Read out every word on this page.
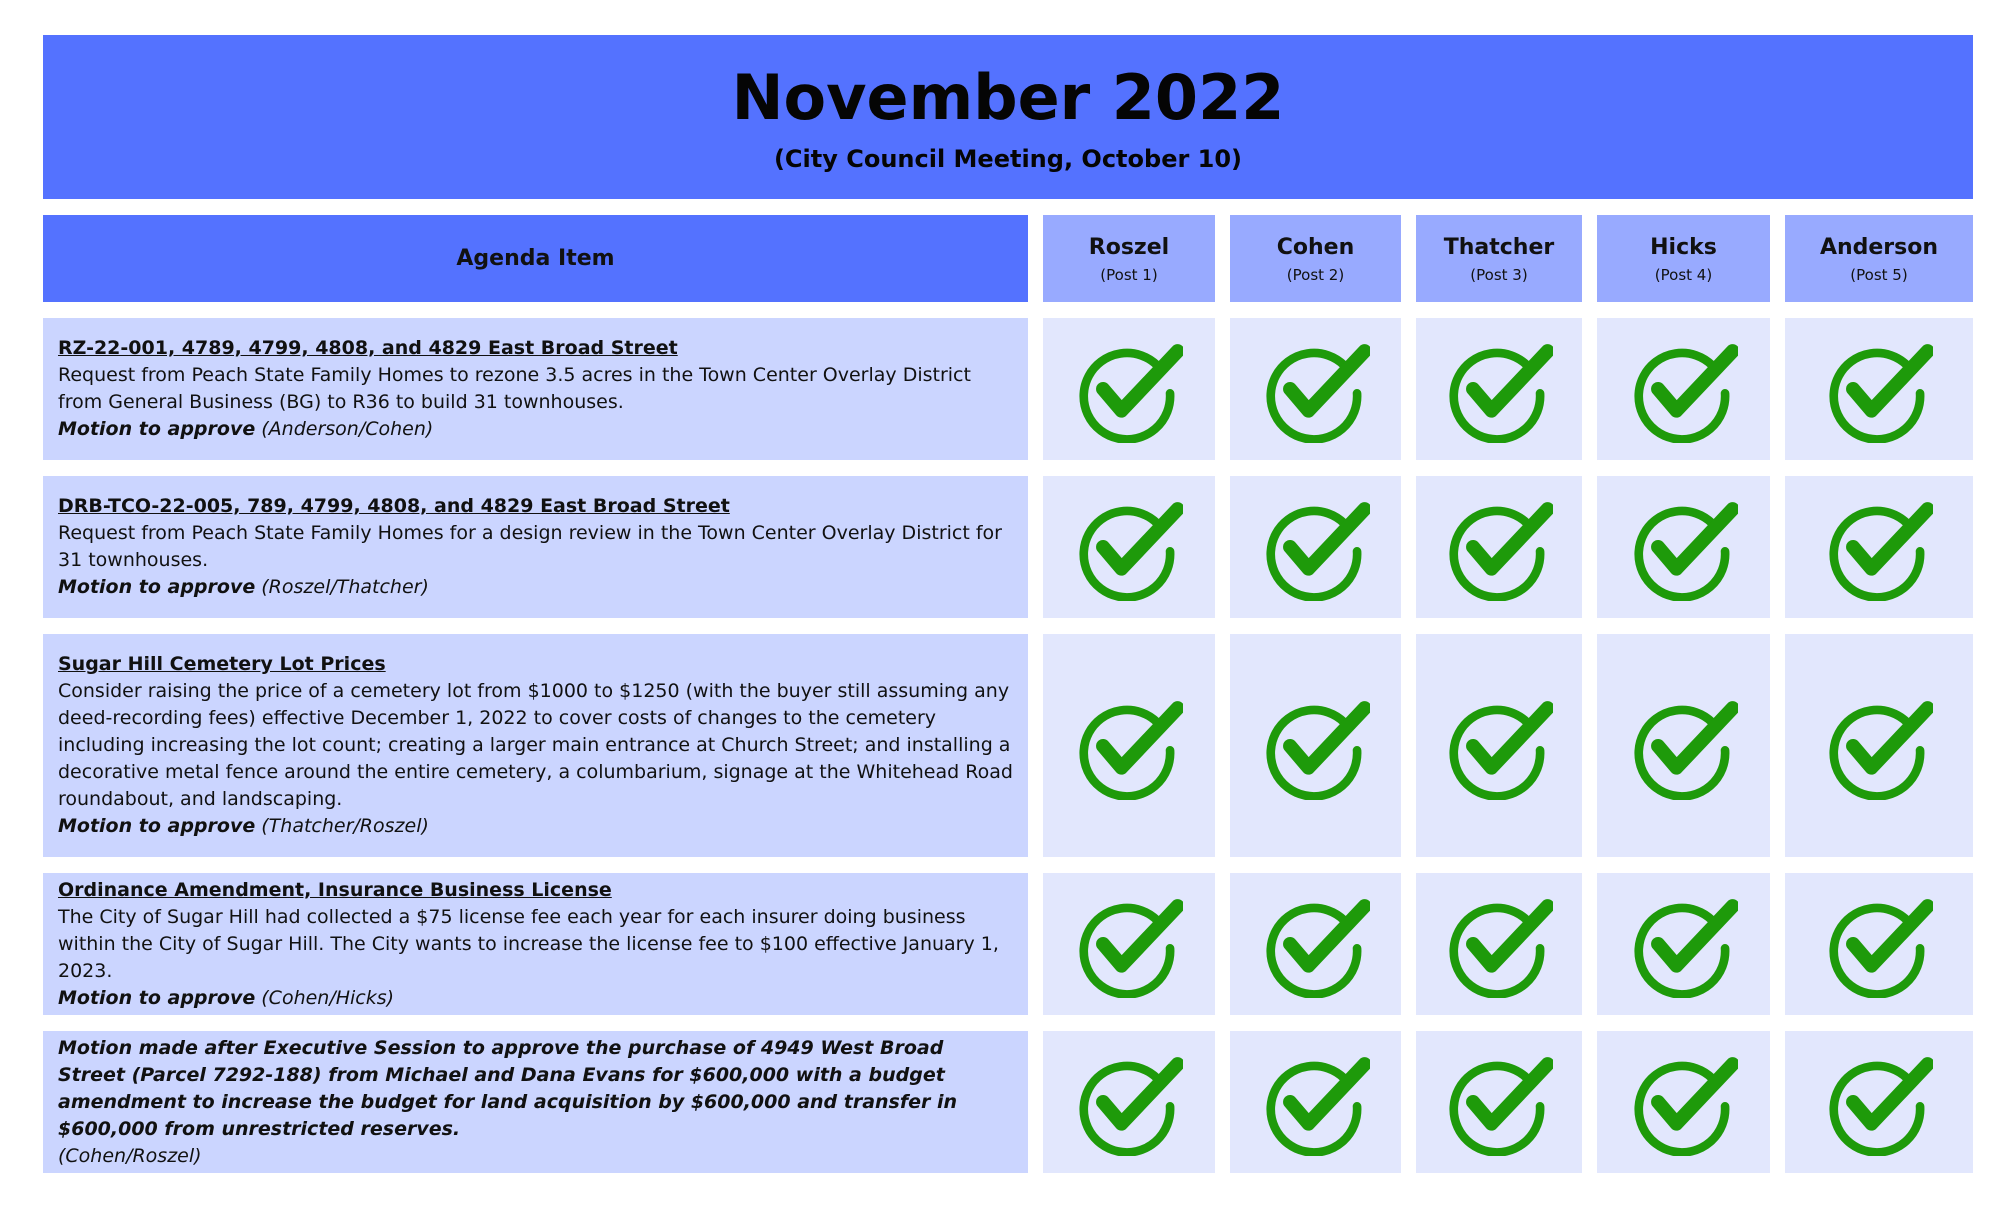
November 2022
(City Council Meeting, October 10)
Agenda Item	Roszel
(Post 1)
Cohen
(Post 2)
Thatcher
(Post 3)
Hicks
(Post 4)
Anderson
(Post 5)
RZ-22-001, 4789, 4799, 4808, and 4829 East Broad Street
Request from Peach State Family Homes to rezone 3.5 acres in the Town Center Overlay District from General Business (BG) to R36 to build 31 townhouses.
Motion to approve (Anderson/Cohen)
DRB-TCO-22-005, 789, 4799, 4808, and 4829 East Broad Street
Request from Peach State Family Homes for a design review in the Town Center Overlay District for 31 townhouses.
Motion to approve (Roszel/Thatcher)
Sugar Hill Cemetery Lot Prices
Consider raising the price of a cemetery lot from $1000 to $1250 (with the buyer still assuming any deed-recording fees) effective December 1, 2022 to cover costs of changes to the cemetery including increasing the lot count; creating a larger main entrance at Church Street; and installing a decorative metal fence around the entire cemetery, a columbarium, signage at the Whitehead Road roundabout, and landscaping.
Motion to approve (Thatcher/Roszel)
Ordinance Amendment, Insurance Business License
The City of Sugar Hill had collected a $75 license fee each year for each insurer doing business within the City of Sugar Hill. The City wants to increase the license fee to $100 effective January 1, 2023.
Motion to approve (Cohen/Hicks)
Motion made after Executive Session to approve the purchase of 4949 West Broad Street (Parcel 7292-188) from Michael and Dana Evans for $600,000 with a budget amendment to increase the budget for land acquisition by $600,000 and transfer in $600,000 from unrestricted reserves.
(Cohen/Roszel)
